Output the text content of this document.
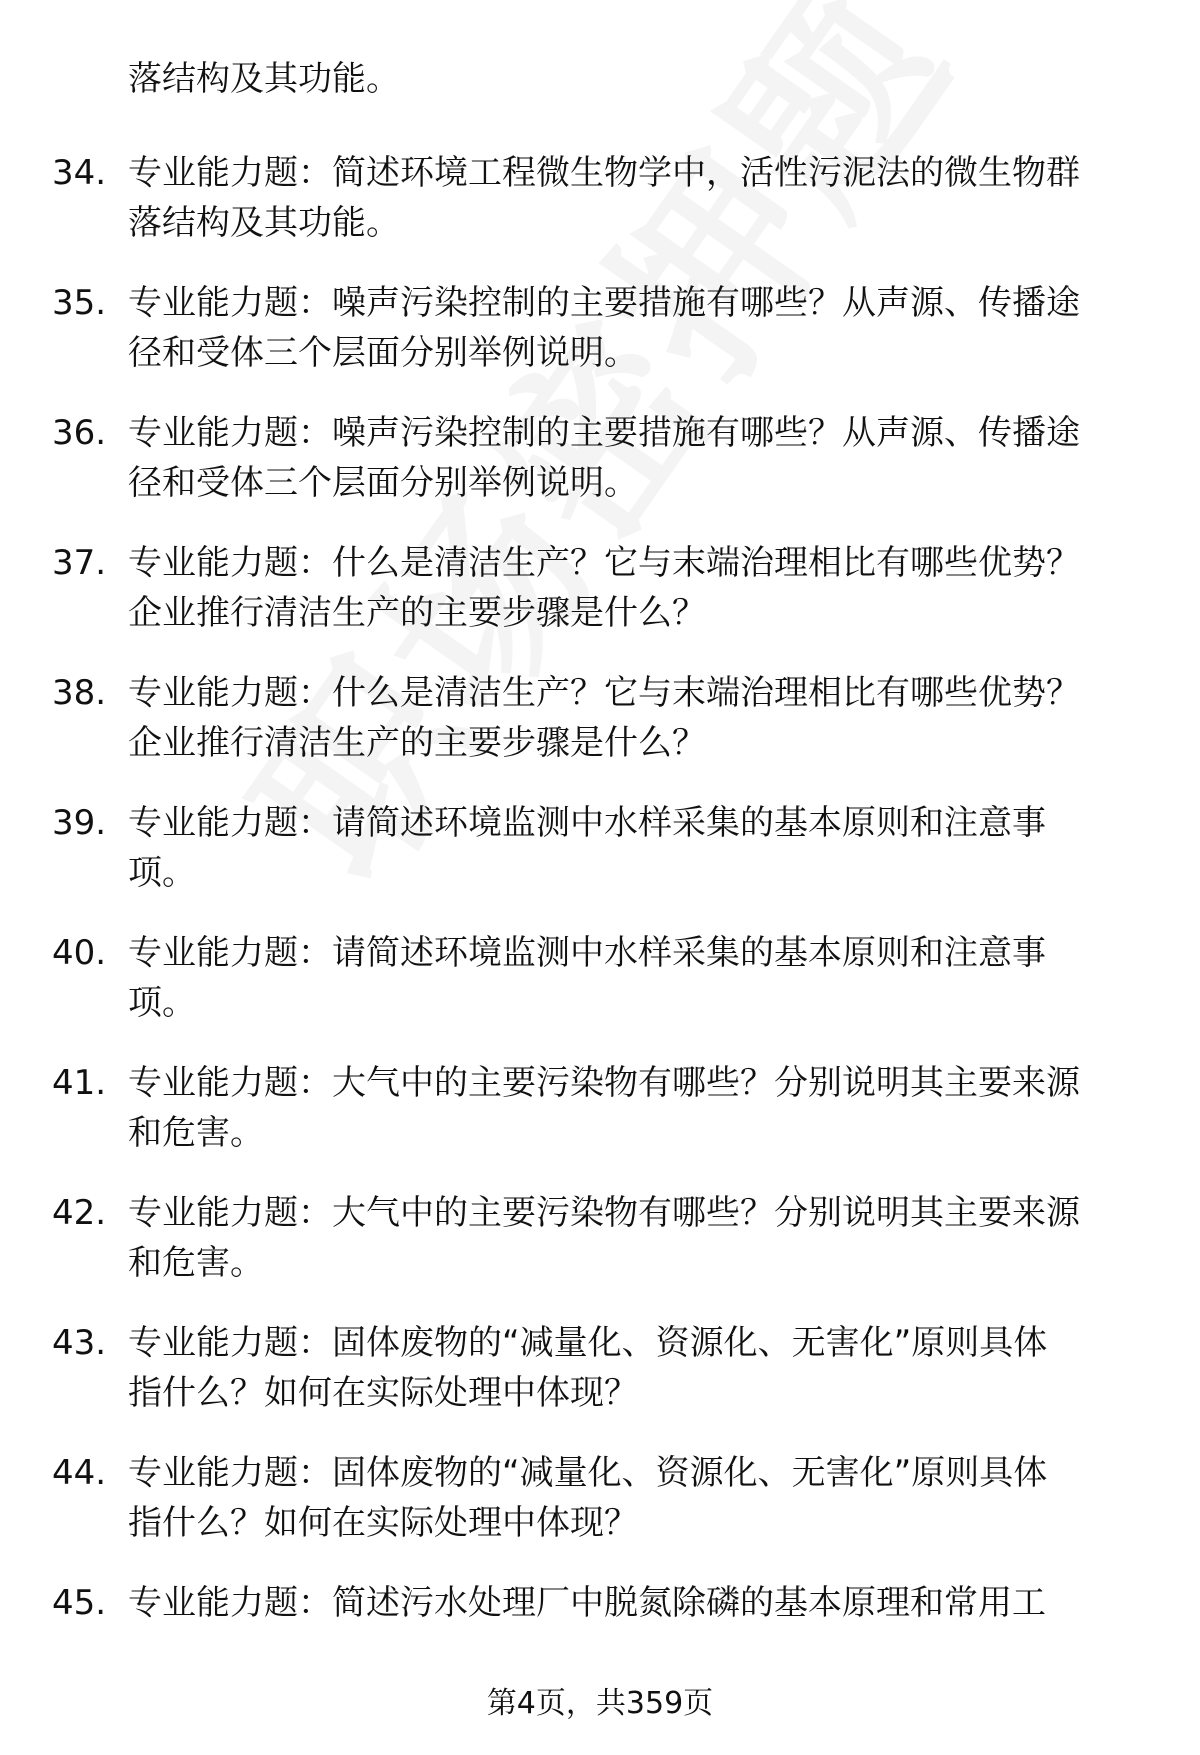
落结构及其功能。
34. 专业能力题：简述环境工程微生物学中，活性污泥法的微生物群
落结构及其功能。
35. 专业能力题：噪声污染控制的主要措施有哪些？从声源、传播途
径和受体三个层面分别举例说明。
36. 专业能力题：噪声污染控制的主要措施有哪些？从声源、传播途
径和受体三个层面分别举例说明。
37. 专业能力题：什么是清洁生产？它与末端治理相比有哪些优势？
企业推行清洁生产的主要步骤是什么？
38. 专业能力题：什么是清洁生产？它与末端治理相比有哪些优势？
企业推行清洁生产的主要步骤是什么？
39. 专业能力题：请简述环境监测中水样采集的基本原则和注意事
项。
40. 专业能力题：请简述环境监测中水样采集的基本原则和注意事
项。
41. 专业能力题：大气中的主要污染物有哪些？分别说明其主要来源
和危害。
42. 专业能力题：大气中的主要污染物有哪些？分别说明其主要来源
和危害。
43. 专业能力题：固体废物的“减量化、资源化、无害化”原则具体
指什么？如何在实际处理中体现？
44. 专业能力题：固体废物的“减量化、资源化、无害化”原则具体
指什么？如何在实际处理中体现？
45. 专业能力题：简述污水处理厂中脱氮除磷的基本原理和常用工
第4页，共359页
